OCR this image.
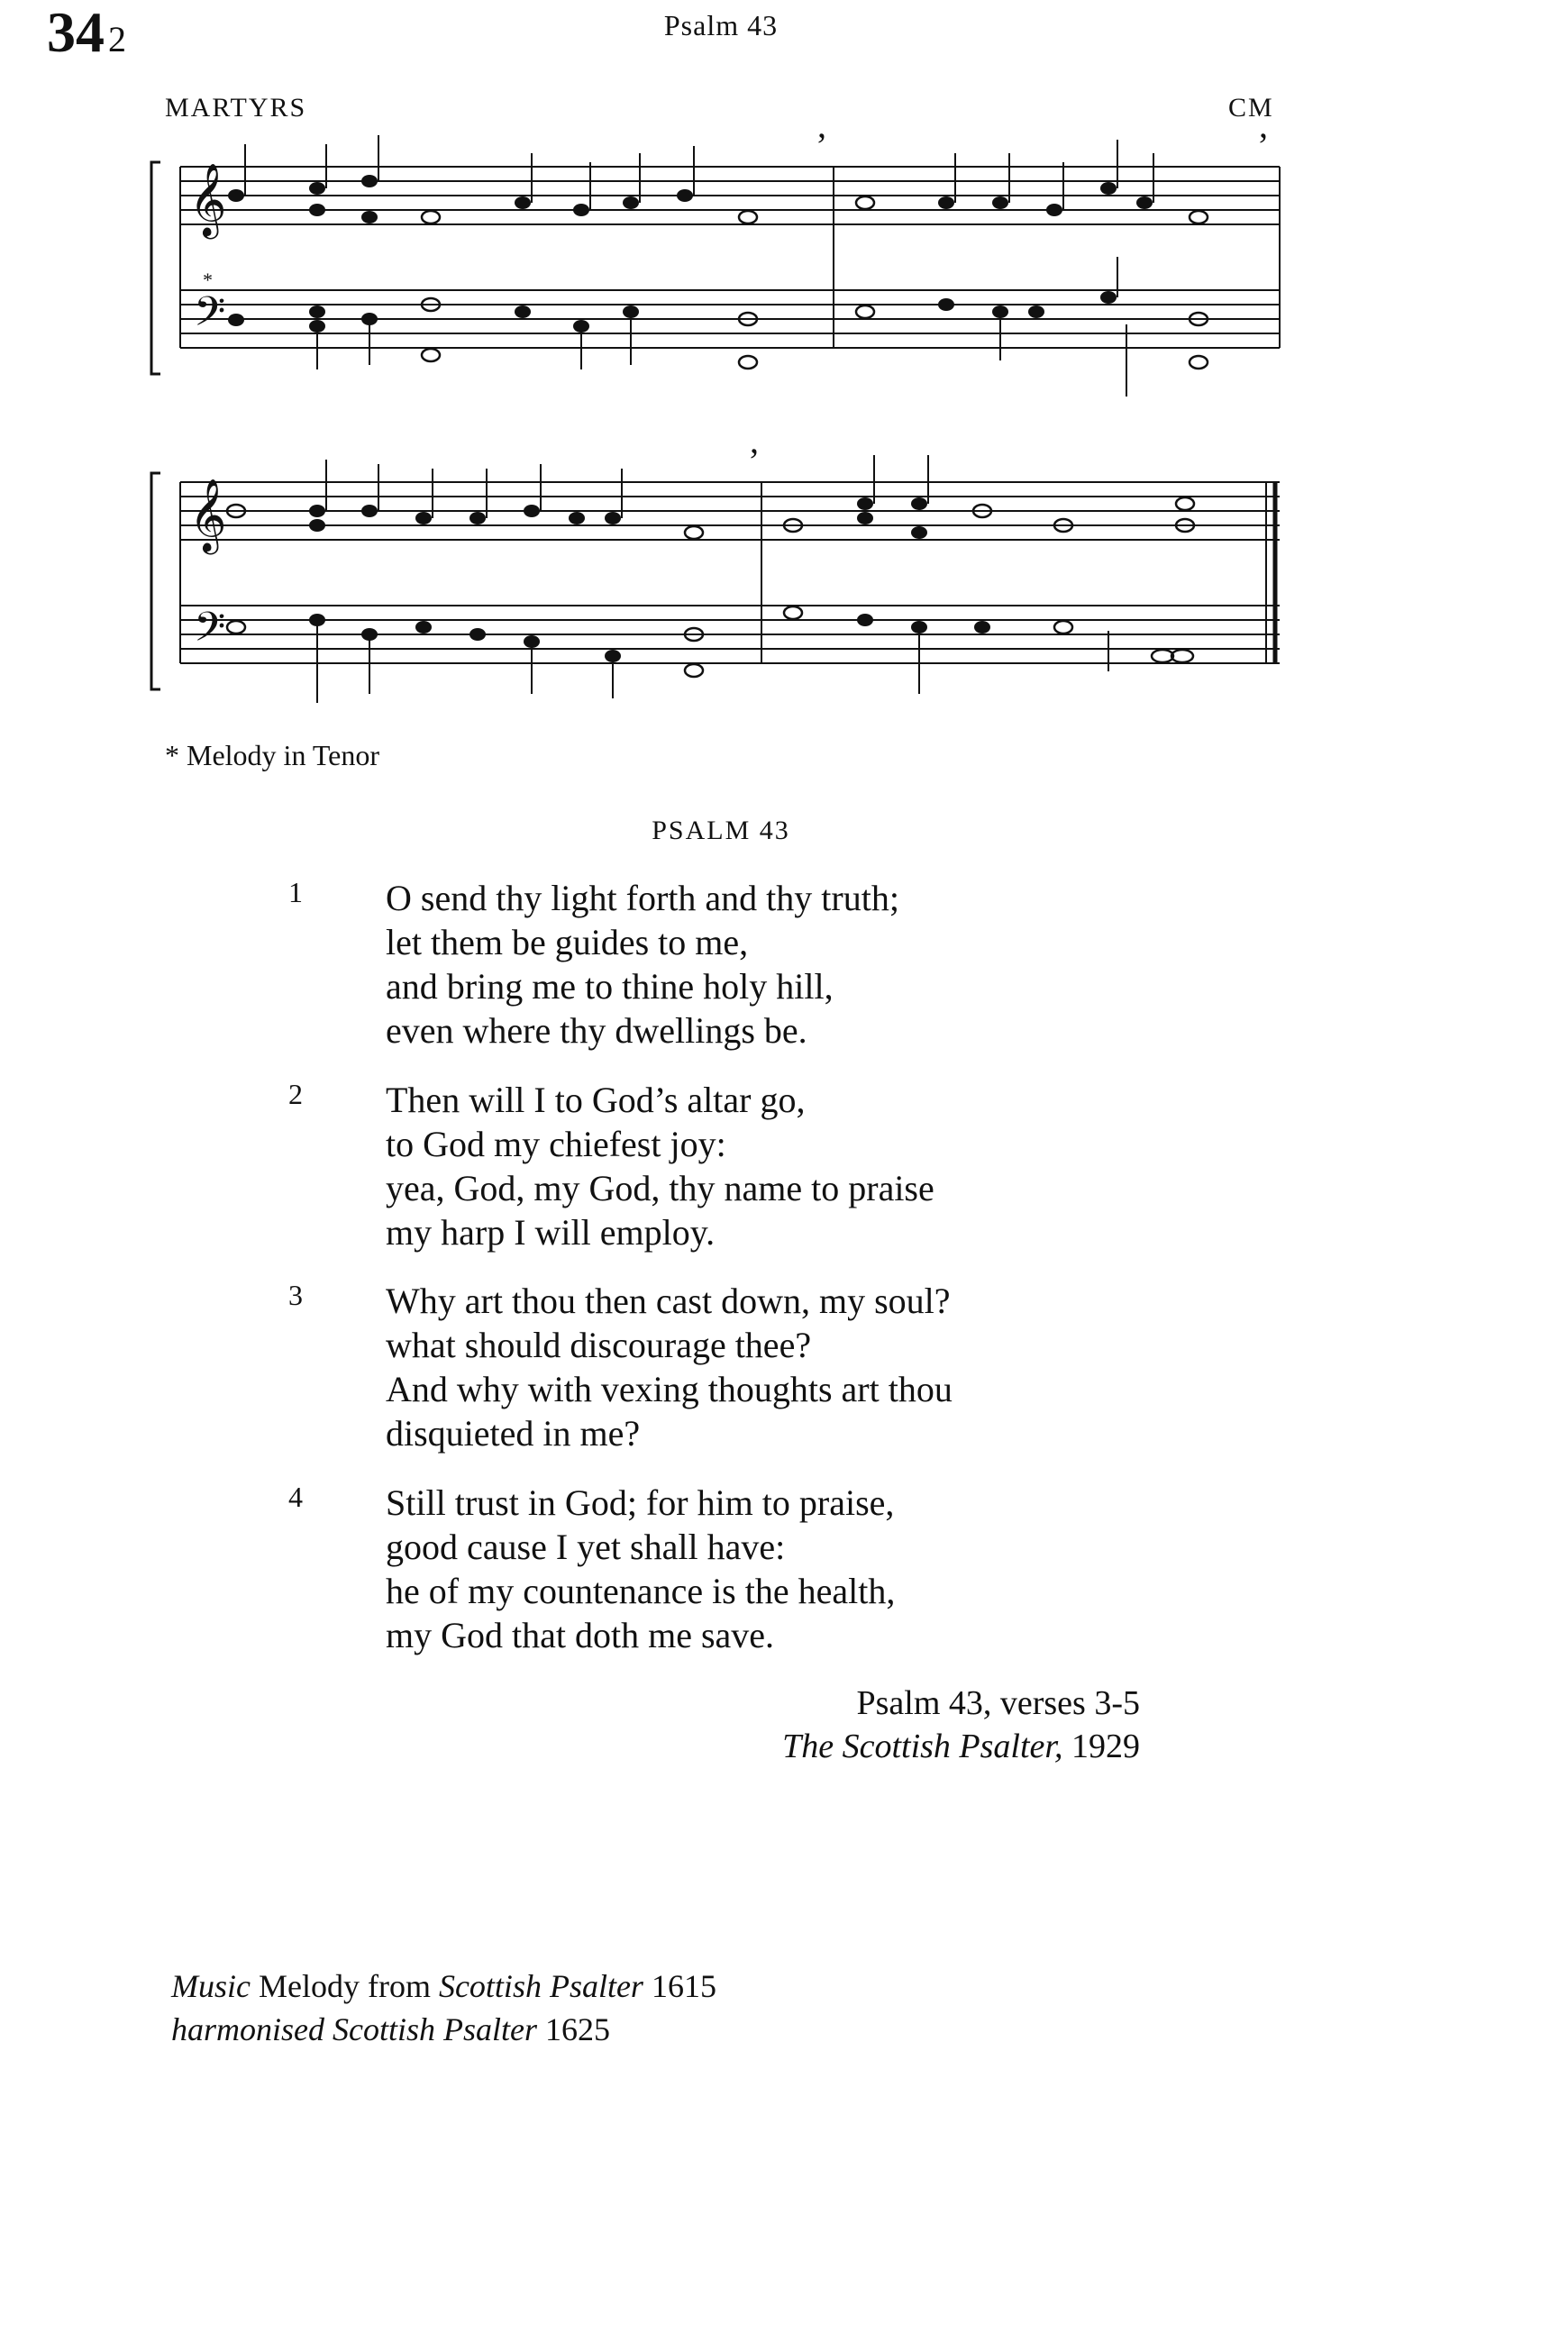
34 2	Psalm 43
MARTYRS	CM
𝄞
𝄢
’	’
*
𝄞
𝄢
’
* Melody in Tenor
PSALM 43
1	O send thy light forth and thy truth;
let them be guides to me,
and bring me to thine holy hill,
even where thy dwellings be.
2	Then will I to God’s altar go,
to God my chiefest joy:
yea, God, my God, thy name to praise
my harp I will employ.
3	Why art thou then cast down, my soul?
what should discourage thee?
And why with vexing thoughts art thou
disquieted in me?
4	Still trust in God; for him to praise,
good cause I yet shall have:
he of my countenance is the health,
my God that doth me save.
Psalm 43, verses 3-5
The Scottish Psalter, 1929
Music Melody from Scottish Psalter 1615
harmonised Scottish Psalter 1625
